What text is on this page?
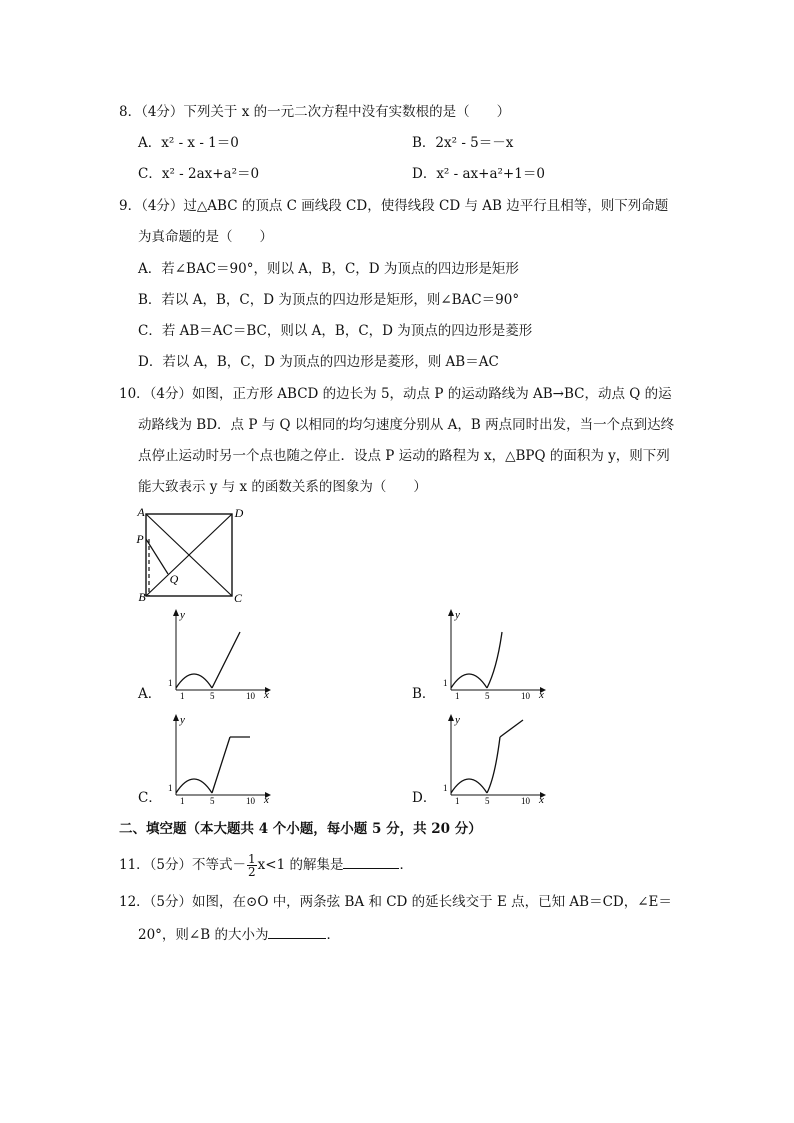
8．（4分）下列关于 x 的一元二次方程中没有实数根的是（　　）
A．x² - x - 1＝0	B．2x² - 5＝－x
C．x² - 2ax+a²＝0	D．x² - ax+a²+1＝0
9．（4分）过△ABC 的顶点 C 画线段 CD，使得线段 CD 与 AB 边平行且相等，则下列命题
为真命题的是（　　）
A．若∠BAC＝90°，则以 A，B，C，D 为顶点的四边形是矩形
B．若以 A，B，C，D 为顶点的四边形是矩形，则∠BAC＝90°
C．若 AB＝AC＝BC，则以 A，B，C，D 为顶点的四边形是菱形
D．若以 A，B，C，D 为顶点的四边形是菱形，则 AB＝AC
10．（4分）如图，正方形 ABCD 的边长为 5，动点 P 的运动路线为 AB→BC，动点 Q 的运
动路线为 BD．点 P 与 Q 以相同的均匀速度分别从 A，B 两点同时出发，当一个点到达终
点停止运动时另一个点也随之停止．设点 P 运动的路程为 x，△BPQ 的面积为 y，则下列
能大致表示 y 与 x 的函数关系的图象为（　　）
A	D
P
Q
B	C
A．	B．
C．	D．
y
x
1
1	5	10
y
x
1
1	5	10
y
x
1
1	5	10
y
x
1
1	5	10
二、填空题（本大题共 4 个小题，每小题 5 分，共 20 分）
11．（5分）不等式－ $\frac{1}{2} x<1$ 的解集是	．
12．（5分）如图，在⊙O 中，两条弦 BA 和 CD 的延长线交于 E 点，已知 AB＝CD，∠E＝
20°，则∠B 的大小为	．
